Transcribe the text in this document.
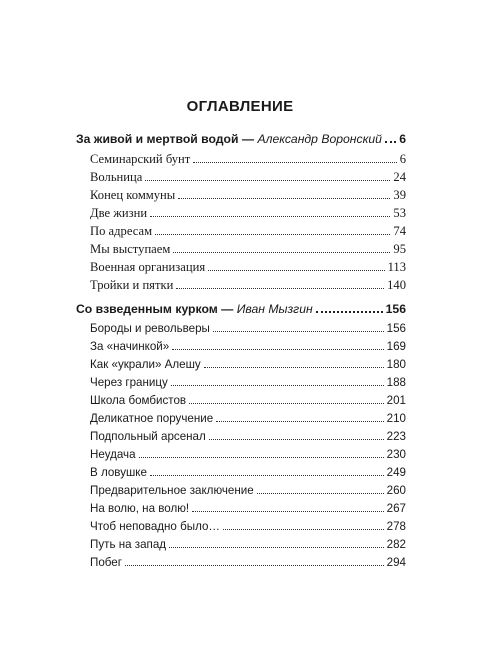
ОГЛАВЛЕНИЕ
За живой и мертвой водой — Александр Воронский 6
Семинарский бунт	6
Вольница	24
Конец коммуны	39
Две жизни	53
По адресам	74
Мы выступаем	95
Военная организация	113
Тройки и пятки	140
Со взведенным курком — Иван Мызгин	156
Бороды и револьверы	156
За «начинкой»	169
Как «украли» Алешу	180
Через границу	188
Школа бомбистов	201
Деликатное поручение	210
Подпольный арсенал	223
Неудача	230
В ловушке	249
Предварительное заключение	260
На волю, на волю!	267
Чтоб неповадно было…	278
Путь на запад	282
Побег	294
